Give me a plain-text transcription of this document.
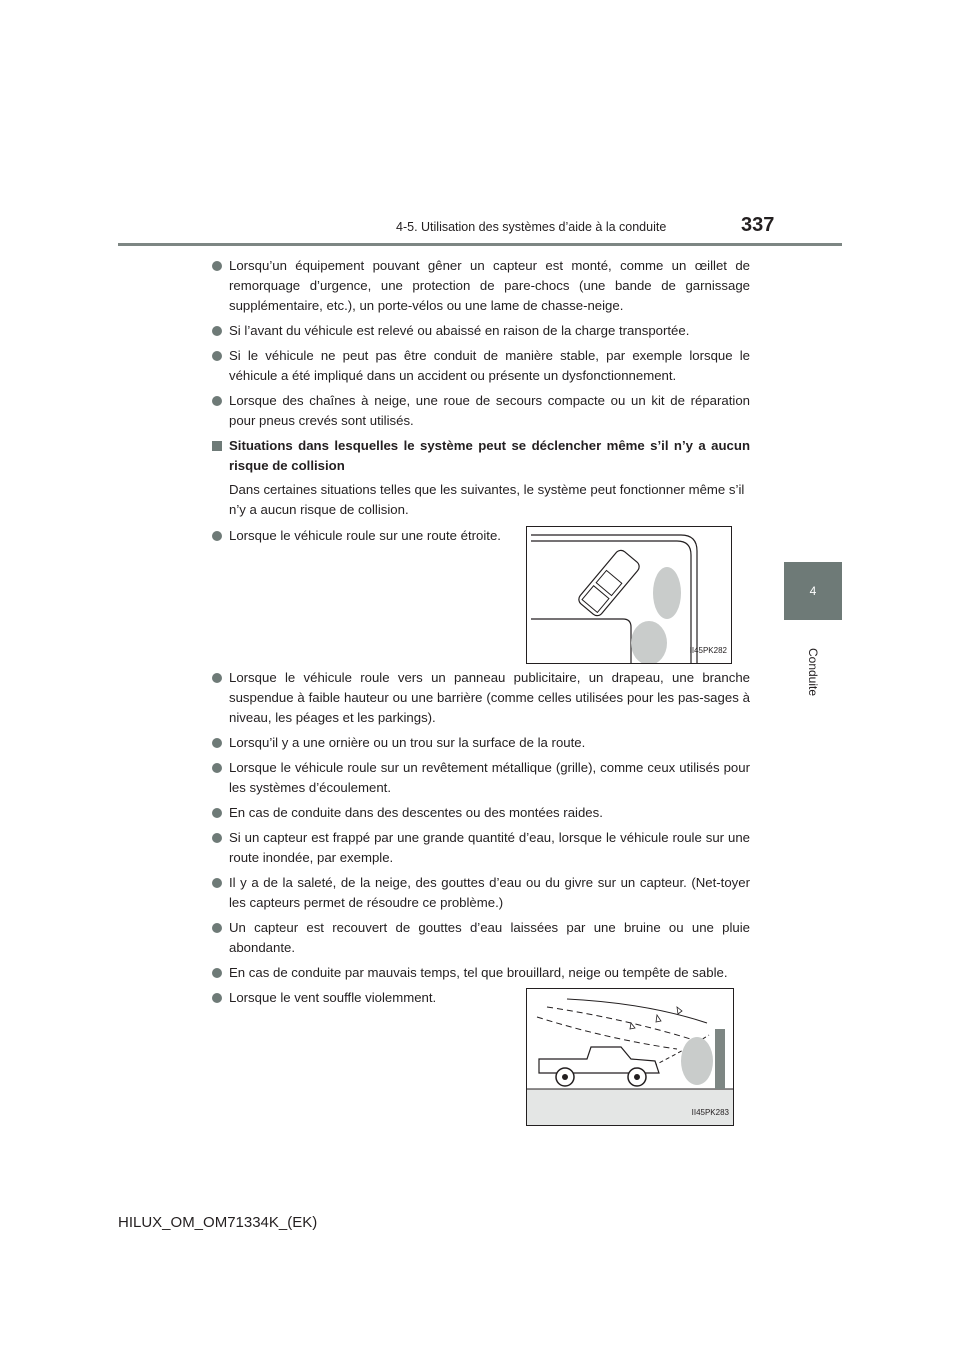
4-5. Utilisation des systèmes d’aide à la conduite	337
4
Conduite
Lorsqu’un équipement pouvant gêner un capteur est monté, comme un œillet de remorquage d’urgence, une protection de pare-chocs (une bande de garnissage supplémentaire, etc.), un porte-vélos ou une lame de chasse-neige.
Si l’avant du véhicule est relevé ou abaissé en raison de la charge transportée.
Si le véhicule ne peut pas être conduit de manière stable, par exemple lorsque le véhicule a été impliqué dans un accident ou présente un dysfonctionnement.
Lorsque des chaînes à neige, une roue de secours compacte ou un kit de réparation pour pneus crevés sont utilisés.
Situations dans lesquelles le système peut se déclencher même s’il n’y a aucun risque de collision
Dans certaines situations telles que les suivantes, le système peut fonctionner même s’il n’y a aucun risque de collision.
Lorsque le véhicule roule sur une route étroite.
II45PK282
Lorsque le véhicule roule vers un panneau publicitaire, un drapeau, une branche suspendue à faible hauteur ou une barrière (comme celles utilisées pour les pas-sages à niveau, les péages et les parkings).
Lorsqu’il y a une ornière ou un trou sur la surface de la route.
Lorsque le véhicule roule sur un revêtement métallique (grille), comme ceux utilisés pour les systèmes d’écoulement.
En cas de conduite dans des descentes ou des montées raides.
Si un capteur est frappé par une grande quantité d’eau, lorsque le véhicule roule sur une route inondée, par exemple.
Il y a de la saleté, de la neige, des gouttes d’eau ou du givre sur un capteur. (Net-toyer les capteurs permet de résoudre ce problème.)
Un capteur est recouvert de gouttes d’eau laissées par une bruine ou une pluie abondante.
En cas de conduite par mauvais temps, tel que brouillard, neige ou tempête de sable.
Lorsque le vent souffle violemment.
II45PK283
HILUX_OM_OM71334K_(EK)
